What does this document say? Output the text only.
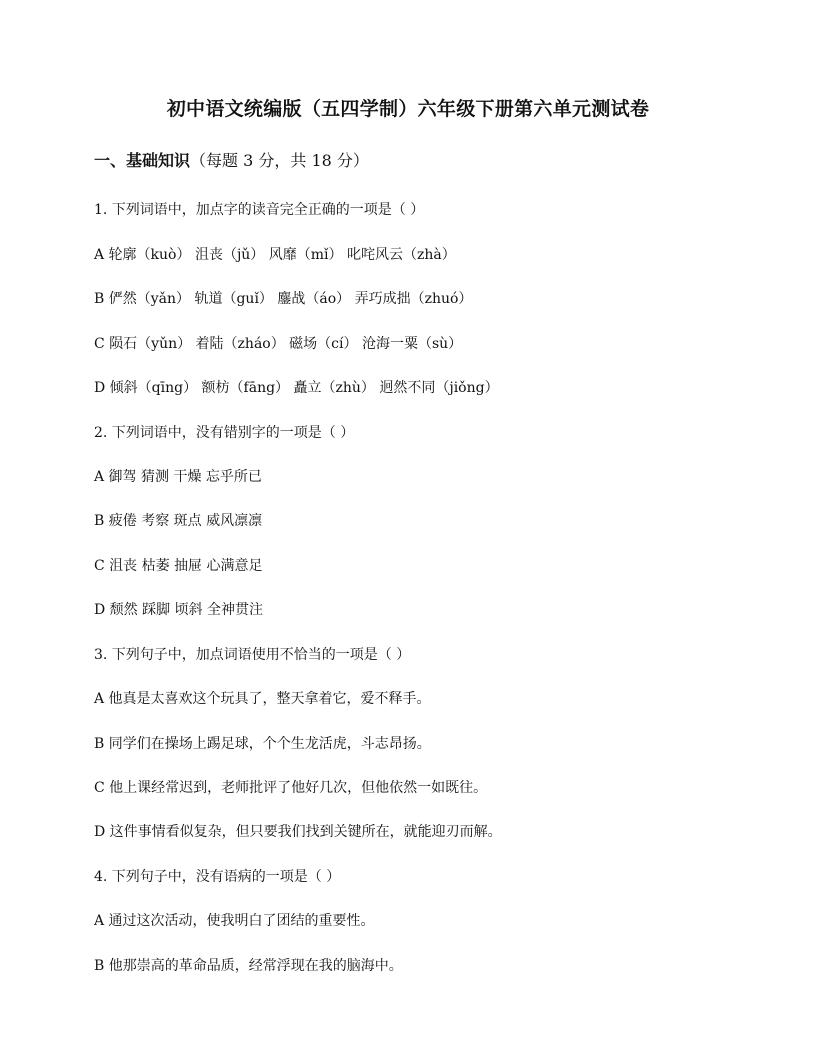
初中语文统编版（五四学制）六年级下册第六单元测试卷
一、基础知识（每题 3 分，共 18 分）
1. 下列词语中，加点字的读音完全正确的一项是（ ）
A 轮廓（kuò） 沮丧（jǔ） 风靡（mǐ） 叱咤风云（zhà）
B 俨然（yǎn） 轨道（guǐ） 鏖战（áo） 弄巧成拙（zhuó）
C 陨石（yǔn） 着陆（zháo） 磁场（cí） 沧海一粟（sù）
D 倾斜（qīng） 额枋（fāng） 矗立（zhù） 迥然不同（jiǒng）
2. 下列词语中，没有错别字的一项是（ ）
A 御驾 猜测 干燥 忘乎所已
B 疲倦 考察 斑点 威风凛凛
C 沮丧 枯萎 抽屉 心满意足
D 颓然 踩脚 顷斜 全神贯注
3. 下列句子中，加点词语使用不恰当的一项是（ ）
A 他真是太喜欢这个玩具了，整天拿着它，爱不释手。
B 同学们在操场上踢足球，个个生龙活虎，斗志昂扬。
C 他上课经常迟到，老师批评了他好几次，但他依然一如既往。
D 这件事情看似复杂，但只要我们找到关键所在，就能迎刃而解。
4. 下列句子中，没有语病的一项是（ ）
A 通过这次活动，使我明白了团结的重要性。
B 他那崇高的革命品质，经常浮现在我的脑海中。
